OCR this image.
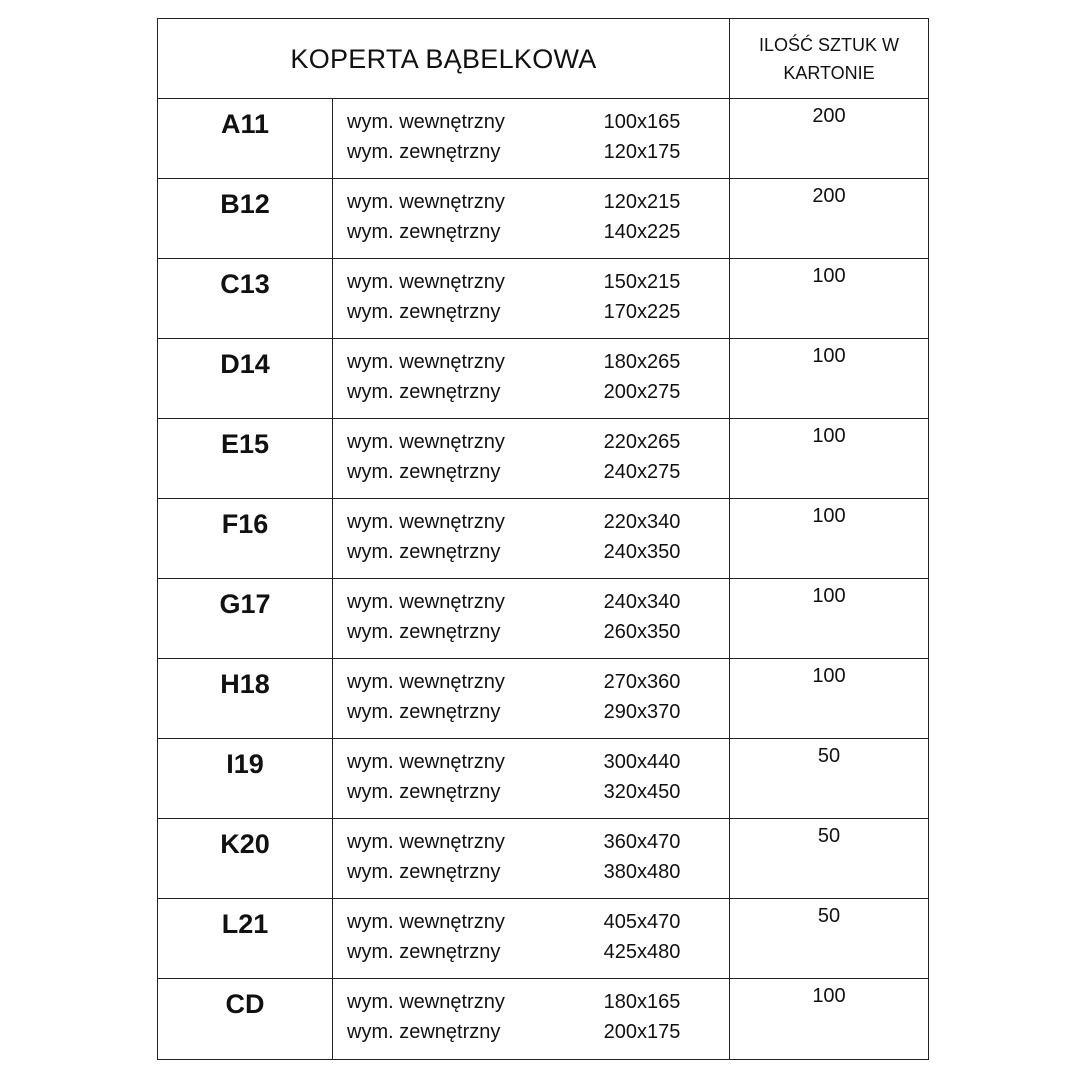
KOPERTA BĄBELKOWA	ILOŚĆ SZTUK W KARTONIE
A11	wym. wewnętrzny	100x165
wym. zewnętrzny	120x175
200
B12	wym. wewnętrzny	120x215
wym. zewnętrzny	140x225
200
C13	wym. wewnętrzny	150x215
wym. zewnętrzny	170x225
100
D14	wym. wewnętrzny	180x265
wym. zewnętrzny	200x275
100
E15	wym. wewnętrzny	220x265
wym. zewnętrzny	240x275
100
F16	wym. wewnętrzny	220x340
wym. zewnętrzny	240x350
100
G17	wym. wewnętrzny	240x340
wym. zewnętrzny	260x350
100
H18	wym. wewnętrzny	270x360
wym. zewnętrzny	290x370
100
I19	wym. wewnętrzny	300x440
wym. zewnętrzny	320x450
50
K20	wym. wewnętrzny	360x470
wym. zewnętrzny	380x480
50
L21	wym. wewnętrzny	405x470
wym. zewnętrzny	425x480
50
CD	wym. wewnętrzny	180x165
wym. zewnętrzny	200x175
100
